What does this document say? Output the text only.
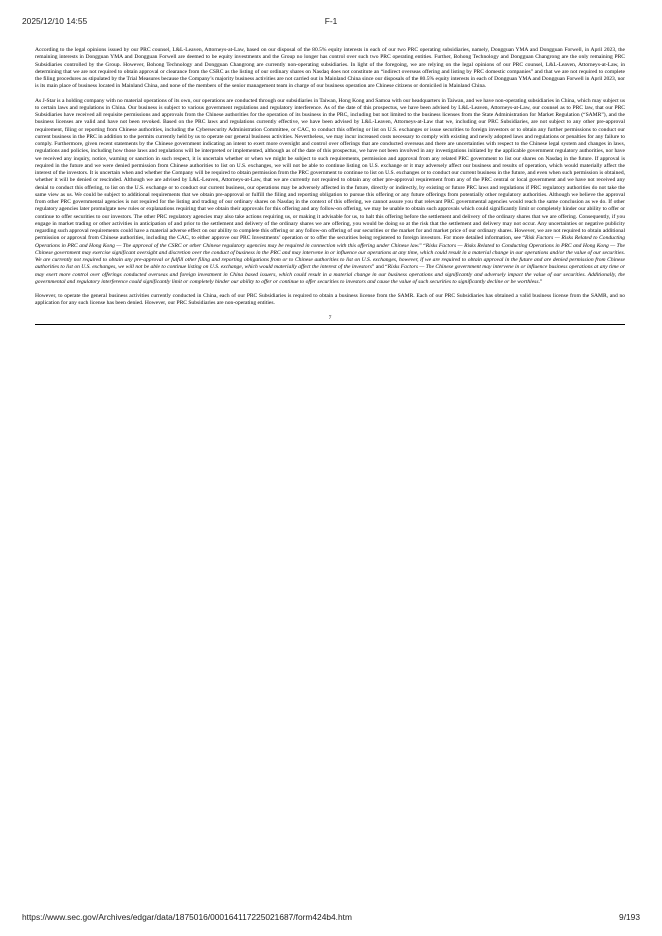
2025/12/10 14:55	F-1

According to the legal opinions issued by our PRC counsel, L&L-Leaven, Attorneys-at-Law, based on our disposal of the 80.5% equity interests in each of our two PRC operating subsidiaries, namely, Dongguan YMA and Dongguan Forwell, in April 2023, the remaining interests in Dongguan YMA and Dongguan Forwell are deemed to be equity investments and the Group no longer has control over such two PRC operating entities. Further, Bohong Technology and Dongguan Changrong are the only remaining PRC Subsidiaries controlled by the Group. However, Bohong Technology and Dongguan Changrong are currently non-operating subsidiaries. In light of the foregoing, we are relying on the legal opinions of our PRC counsel, L&L-Leaven, Attorneys-at-Law, in determining that we are not required to obtain approval or clearance from the CSRC as the listing of our ordinary shares on Nasdaq does not constitute an “indirect overseas offering and listing by PRC domestic companies” and that we are not required to complete the filing procedures as stipulated by the Trial Measures because the Company’s majority business activities are not carried out in Mainland China since our disposals of the 80.5% equity interests in each of Dongguan YMA and Dongguan Forwell in April 2023, nor is its main place of business located in Mainland China, and none of the members of the senior management team in charge of our business operation are Chinese citizens or domiciled in Mainland China.

As J-Star is a holding company with no material operations of its own, our operations are conducted through our subsidiaries in Taiwan, Hong Kong and Samoa with our headquarters in Taiwan, and we have non-operating subsidiaries in China, which may subject us to certain laws and regulations in China. Our business is subject to various government regulations and regulatory interference. As of the date of this prospectus, we have been advised by L&L-Leaven, Attorneys-at-Law, our counsel as to PRC law, that our PRC Subsidiaries have received all requisite permissions and approvals from the Chinese authorities for the operation of its business in the PRC, including but not limited to the business licenses from the State Administration for Market Regulation (“SAMR”), and the business licenses are valid and have not been revoked. Based on the PRC laws and regulations currently effective, we have been advised by L&L-Leaven, Attorneys-at-Law that we, including our PRC Subsidiaries, are not subject to any other pre-approval requirement, filing or reporting from Chinese authorities, including the Cybersecurity Administration Committee, or CAC, to conduct this offering or list on U.S. exchanges or issue securities to foreign investors or to obtain any further permissions to conduct our current business in the PRC in addition to the permits currently held by us to operate our general business activities. Nevertheless, we may incur increased costs necessary to comply with existing and newly adopted laws and regulations or penalties for any failure to comply. Furthermore, given recent statements by the Chinese government indicating an intent to exert more oversight and control over offerings that are conducted overseas and there are uncertainties with respect to the Chinese legal system and changes in laws, regulations and policies, including how those laws and regulations will be interpreted or implemented, although as of the date of this prospectus, we have not been involved in any investigations initiated by the applicable government regulatory authorities, nor have we received any inquiry, notice, warning or sanction in such respect, it is uncertain whether or when we might be subject to such requirements, permission and approval from any related PRC government to list our shares on Nasdaq in the future. If approval is required in the future and we were denied permission from Chinese authorities to list on U.S. exchanges, we will not be able to continue listing on U.S. exchange or it may adversely affect our business and results of operation, which would materially affect the interest of the investors. It is uncertain when and whether the Company will be required to obtain permission from the PRC government to continue to list on U.S. exchanges or to conduct our current business in the future, and even when such permission is obtained, whether it will be denied or rescinded. Although we are advised by L&L-Leaven, Attorneys-at-Law, that we are currently not required to obtain any other pre-approval requirement from any of the PRC central or local government and we have not received any denial to conduct this offering, to list on the U.S. exchange or to conduct our current business, our operations may be adversely affected in the future, directly or indirectly, by existing or future PRC laws and regulations if PRC regulatory authorities do not take the same view as us. We could be subject to additional requirements that we obtain pre-approval or fulfill the filing and reporting obligation to pursue this offering or any future offerings from potentially other regulatory authorities. Although we believe the approval from other PRC governmental agencies is not required for the listing and trading of our ordinary shares on Nasdaq in the context of this offering, we cannot assure you that relevant PRC governmental agencies would reach the same conclusion as we do. If other regulatory agencies later promulgate new rules or explanations requiring that we obtain their approvals for this offering and any follow-on offering, we may be unable to obtain such approvals which could significantly limit or completely hinder our ability to offer or continue to offer securities to our investors. The other PRC regulatory agencies may also take actions requiring us, or making it advisable for us, to halt this offering before the settlement and delivery of the ordinary shares that we are offering. Consequently, if you engage in market trading or other activities in anticipation of and prior to the settlement and delivery of the ordinary shares we are offering, you would be doing so at the risk that the settlement and delivery may not occur. Any uncertainties or negative publicity regarding such approval requirements could have a material adverse effect on our ability to complete this offering or any follow-on offering of our securities or the market for and market price of our ordinary shares. However, we are not required to obtain additional permission or approval from Chinese authorities, including the CAC, to either approve our PRC Investments’ operation or to offer the securities being registered to foreign investors. For more detailed information, see “Risk Factors — Risks Related to Conducting Operations in PRC and Hong Kong — The approval of the CSRC or other Chinese regulatory agencies may be required in connection with this offering under Chinese law.” “Risks Factors — Risks Related to Conducting Operations in PRC and Hong Kong — The Chinese government may exercise significant oversight and discretion over the conduct of business in the PRC and may intervene in or influence our operations at any time, which could result in a material change in our operations and/or the value of our securities. We are currently not required to obtain any pre-approval or fulfill other filing and reporting obligations from or to Chinese authorities to list on U.S. exchanges, however, if we are required to obtain approval in the future and are denied permission from Chinese authorities to list on U.S. exchanges, we will not be able to continue listing on U.S. exchange, which would materially affect the interest of the investors” and “Risks Factors — The Chinese government may intervene in or influence business operations at any time or may exert more control over offerings conducted overseas and foreign investment in China based issuers, which could result in a material change in our business operations and significantly and adversely impact the value of our securities. Additionally, the governmental and regulatory interference could significantly limit or completely hinder our ability to offer or continue to offer securities to investors and cause the value of such securities to significantly decline or be worthless.”

However, to operate the general business activities currently conducted in China, each of our PRC Subsidiaries is required to obtain a business license from the SAMR. Each of our PRC Subsidiaries has obtained a valid business license from the SAMR, and no application for any such license has been denied. However, our PRC Subsidiaries are non-operating entities.

7
https://www.sec.gov/Archives/edgar/data/1875016/000164117225021687/form424b4.htm	9/193
